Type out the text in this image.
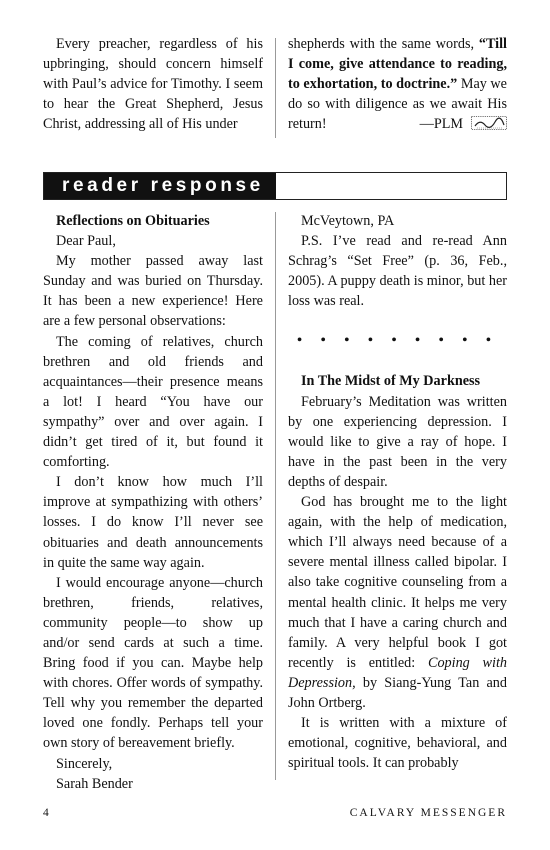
Every preacher, regardless of his upbringing, should concern himself with Paul’s advice for Timothy. I seem to hear the Great Shepherd, Jesus Christ, addressing all of His under

shepherds with the same words, “Till I come, give attendance to reading, to exhortation, to doctrine.” May we do so with diligence as we await His return!	—PLM

reader response
Reflections on Obituaries

Dear Paul,

My mother passed away last Sunday and was buried on Thursday. It has been a new experience! Here are a few personal observations:

The coming of relatives, church brethren and old friends and acquaintances—their presence means a lot! I heard “You have our sympathy” over and over again. I didn’t get tired of it, but found it comforting.

I don’t know how much I’ll improve at sympathizing with others’ losses. I do know I’ll never see obituaries and death announcements in quite the same way again.

I would encourage anyone—church brethren, friends, relatives, community people—to show up and/or send cards at such a time. Bring food if you can. Maybe help with chores. Offer words of sympathy. Tell why you remember the departed loved one fondly. Perhaps tell your own story of bereavement briefly.

Sincerely,

Sarah Bender

McVeytown, PA

P.S. I’ve read and re-read Ann Schrag’s “Set Free” (p. 36, Feb., 2005). A puppy death is minor, but her loss was real.

• • • • • • • • •
In The Midst of My Darkness

February’s Meditation was written by one experiencing depression. I would like to give a ray of hope. I have in the past been in the very depths of despair.

God has brought me to the light again, with the help of medication, which I’ll always need because of a severe mental illness called bipolar. I also take cognitive counseling from a mental health clinic. It helps me very much that I have a caring church and family. A very helpful book I got recently is entitled: Coping with Depression, by Siang-Yung Tan and John Ortberg.

It is written with a mixture of emotional, cognitive, behavioral, and spiritual tools. It can probably

4	CALVARY MESSENGER
